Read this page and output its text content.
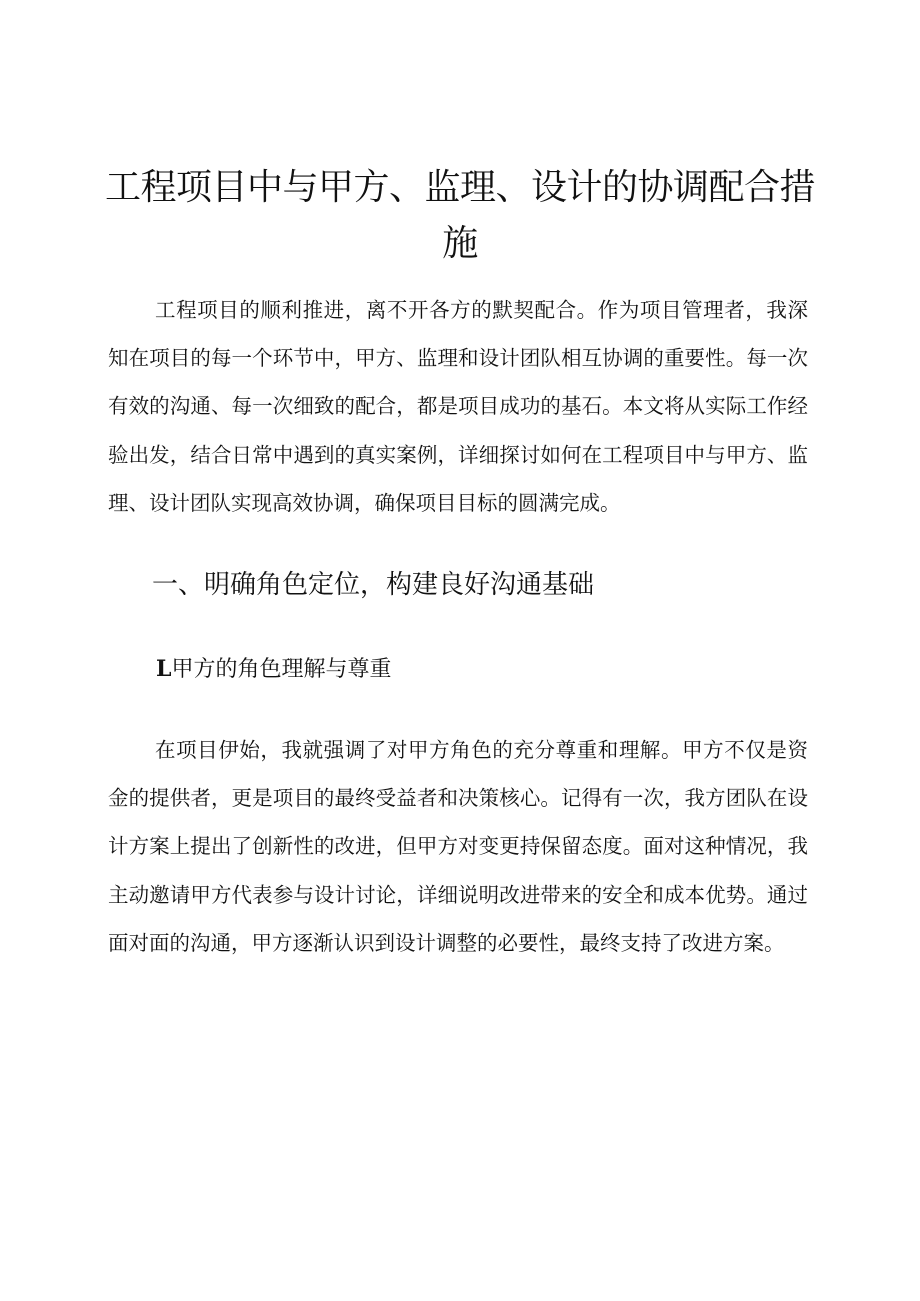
工程项目中与甲方、监理、设计的协调配合措施

工程项目的顺利推进，离不开各方的默契配合。作为项目管理者，我深知在项目的每一个环节中，甲方、监理和设计团队相互协调的重要性。每一次有效的沟通、每一次细致的配合，都是项目成功的基石。本文将从实际工作经验出发，结合日常中遇到的真实案例，详细探讨如何在工程项目中与甲方、监理、设计团队实现高效协调，确保项目目标的圆满完成。

一、明确角色定位，构建良好沟通基础
L甲方的角色理解与尊重

在项目伊始，我就强调了对甲方角色的充分尊重和理解。甲方不仅是资金的提供者，更是项目的最终受益者和决策核心。记得有一次，我方团队在设计方案上提出了创新性的改进，但甲方对变更持保留态度。面对这种情况，我主动邀请甲方代表参与设计讨论，详细说明改进带来的安全和成本优势。通过面对面的沟通，甲方逐渐认识到设计调整的必要性，最终支持了改进方案。
